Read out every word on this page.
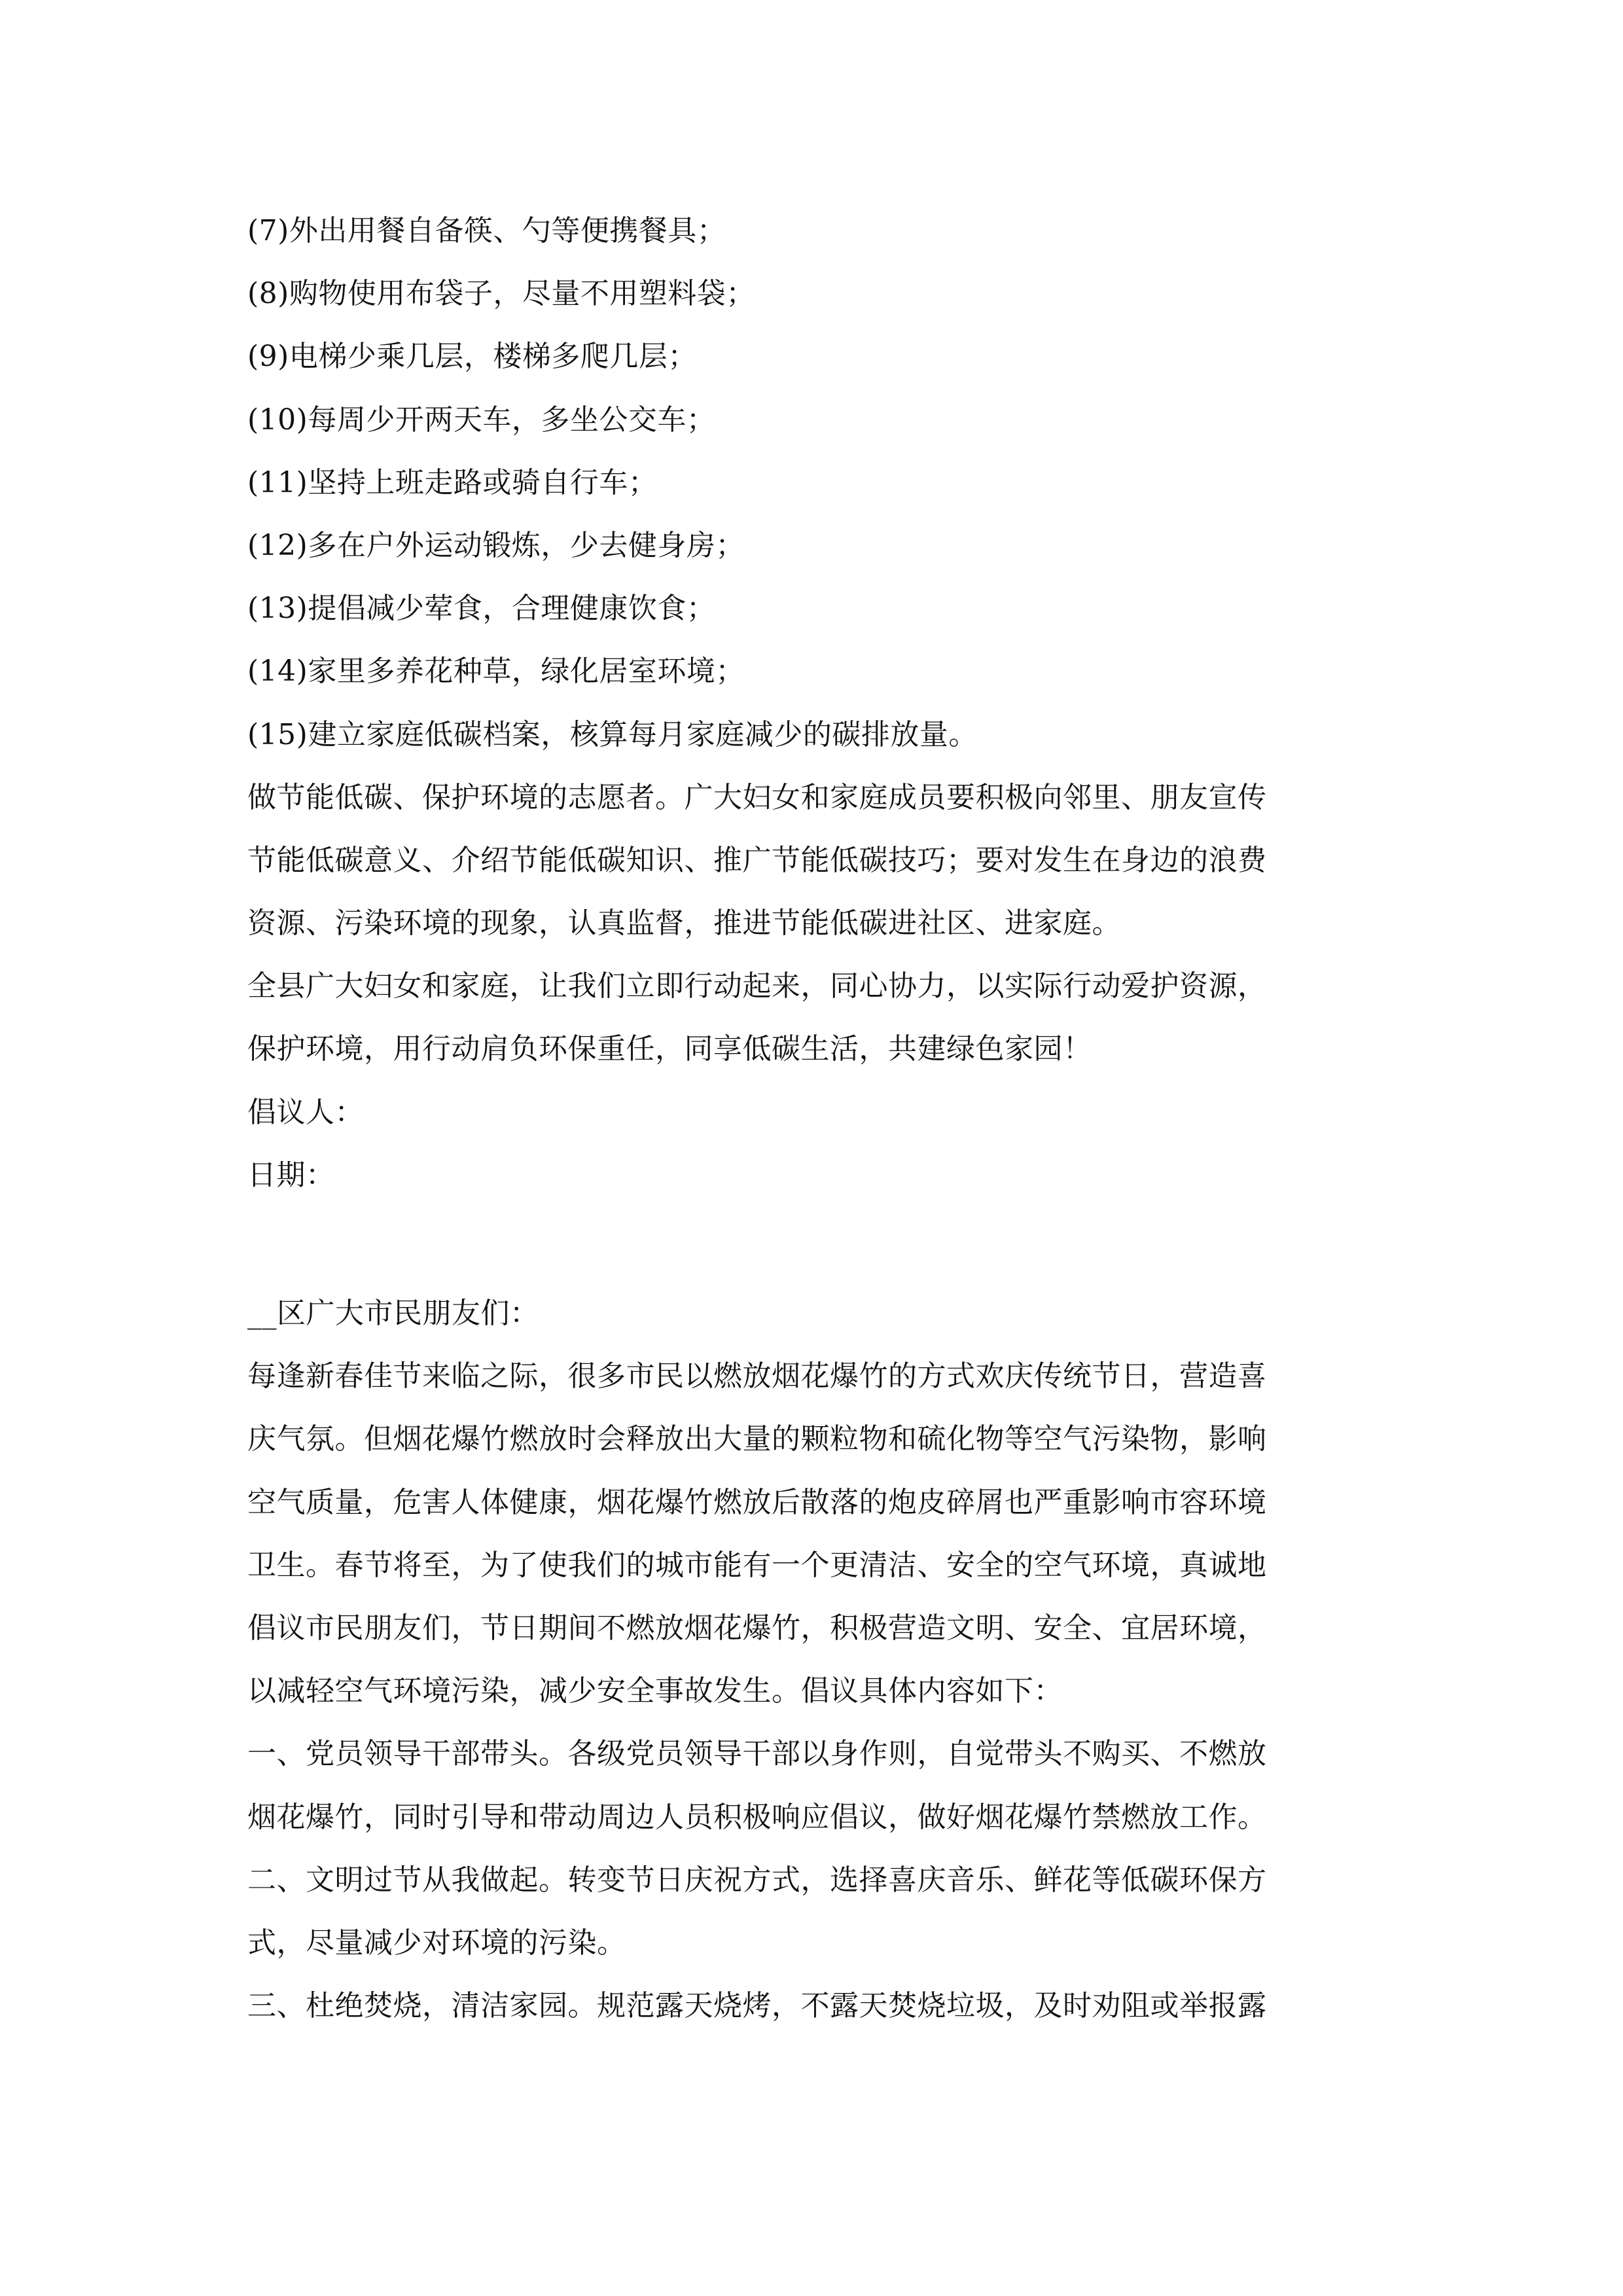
(7)外出用餐自备筷、勺等便携餐具；
(8)购物使用布袋子，尽量不用塑料袋；
(9)电梯少乘几层，楼梯多爬几层；
(10)每周少开两天车，多坐公交车；
(11)坚持上班走路或骑自行车；
(12)多在户外运动锻炼，少去健身房；
(13)提倡减少荤食，合理健康饮食；
(14)家里多养花种草，绿化居室环境；
(15)建立家庭低碳档案，核算每月家庭减少的碳排放量。
做节能低碳、保护环境的志愿者。广大妇女和家庭成员要积极向邻里、朋友宣传
节能低碳意义、介绍节能低碳知识、推广节能低碳技巧；要对发生在身边的浪费
资源、污染环境的现象，认真监督，推进节能低碳进社区、进家庭。
全县广大妇女和家庭，让我们立即行动起来，同心协力，以实际行动爱护资源，
保护环境，用行动肩负环保重任，同享低碳生活，共建绿色家园！
倡议人：
日期：
__区广大市民朋友们：
每逢新春佳节来临之际，很多市民以燃放烟花爆竹的方式欢庆传统节日，营造喜
庆气氛。但烟花爆竹燃放时会释放出大量的颗粒物和硫化物等空气污染物，影响
空气质量，危害人体健康，烟花爆竹燃放后散落的炮皮碎屑也严重影响市容环境
卫生。春节将至，为了使我们的城市能有一个更清洁、安全的空气环境，真诚地
倡议市民朋友们，节日期间不燃放烟花爆竹，积极营造文明、安全、宜居环境，
以减轻空气环境污染，减少安全事故发生。倡议具体内容如下：
一、党员领导干部带头。各级党员领导干部以身作则，自觉带头不购买、不燃放
烟花爆竹，同时引导和带动周边人员积极响应倡议，做好烟花爆竹禁燃放工作。
二、文明过节从我做起。转变节日庆祝方式，选择喜庆音乐、鲜花等低碳环保方
式，尽量减少对环境的污染。
三、杜绝焚烧，清洁家园。规范露天烧烤，不露天焚烧垃圾，及时劝阻或举报露
